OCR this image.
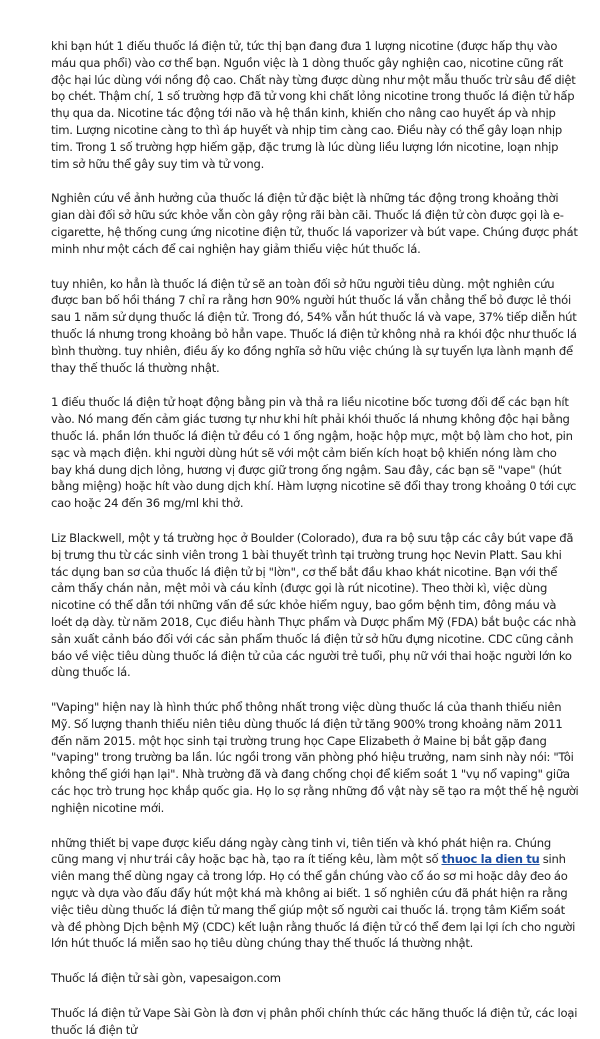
khi bạn hút 1 điếu thuốc lá điện tử, tức thị bạn đang đưa 1 lượng nicotine (được hấp thụ vào máu qua phổi) vào cơ thể bạn. Nguồn việc là 1 dòng thuốc gây nghiện cao, nicotine cũng rất độc hại lúc dùng với nồng độ cao. Chất này từng được dùng như một mẫu thuốc trừ sâu để diệt bọ chét. Thậm chí, 1 số trường hợp đã tử vong khi chất lỏng nicotine trong thuốc lá điện tử hấp thụ qua da. Nicotine tác động tới não và hệ thần kinh, khiến cho nâng cao huyết áp và nhịp tim. Lượng nicotine càng to thì áp huyết và nhịp tim càng cao. Điều này có thể gây loạn nhịp tim. Trong 1 số trường hợp hiếm gặp, đặc trưng là lúc dùng liều lượng lớn nicotine, loạn nhịp tim sở hữu thể gây suy tim và tử vong.

Nghiên cứu về ảnh hưởng của thuốc lá điện tử đặc biệt là những tác động trong khoảng thời gian dài đối sở hữu sức khỏe vẫn còn gây rộng rãi bàn cãi. Thuốc lá điện tử còn được gọi là e-cigarette, hệ thống cung ứng nicotine điện tử, thuốc lá vaporizer và bút vape. Chúng được phát minh như một cách để cai nghiện hay giảm thiểu việc hút thuốc lá.

tuy nhiên, ko hẳn là thuốc lá điện tử sẽ an toàn đối sở hữu người tiêu dùng. một nghiên cứu được ban bố hồi tháng 7 chỉ ra rằng hơn 90% người hút thuốc lá vẫn chẳng thể bỏ được lẻ thói sau 1 năm sử dụng thuốc lá điện tử. Trong đó, 54% vẫn hút thuốc lá và vape, 37% tiếp diễn hút thuốc lá nhưng trong khoảng bỏ hẳn vape. Thuốc lá điện tử không nhả ra khói độc như thuốc lá bình thường. tuy nhiên, điều ấy ko đồng nghĩa sở hữu việc chúng là sự tuyển lựa lành mạnh để thay thế thuốc lá thường nhật.

1 điếu thuốc lá điện tử hoạt động bằng pin và thả ra liều nicotine bốc tương đối để các bạn hít vào. Nó mang đến cảm giác tương tự như khi hít phải khói thuốc lá nhưng không độc hại bằng thuốc lá. phần lớn thuốc lá điện tử đều có 1 ống ngậm, hoặc hộp mực, một bộ làm cho hot, pin sạc và mạch điện. khi người dùng hút sẽ với một cảm biến kích hoạt bộ khiến nóng làm cho bay khá dung dịch lỏng, hương vị được giữ trong ống ngậm. Sau đây, các bạn sẽ "vape" (hút bằng miệng) hoặc hít vào dung dịch khí. Hàm lượng nicotine sẽ đổi thay trong khoảng 0 tới cực cao hoặc 24 đến 36 mg/ml khi thở.

Liz Blackwell, một y tá trường học ở Boulder (Colorado), đưa ra bộ sưu tập các cây bút vape đã bị trưng thu từ các sinh viên trong 1 bài thuyết trình tại trường trung học Nevin Platt. Sau khi tác dụng ban sơ của thuốc lá điện tử bị "lờn", cơ thể bắt đầu khao khát nicotine. Bạn với thể cảm thấy chán nản, mệt mỏi và cáu kỉnh (được gọi là rút nicotine). Theo thời kì, việc dùng nicotine có thể dẫn tới những vấn đề sức khỏe hiểm nguy, bao gồm bệnh tim, đông máu và loét dạ dày. từ năm 2018, Cục điều hành Thực phẩm và Dược phẩm Mỹ (FDA) bắt buộc các nhà sản xuất cảnh báo đối với các sản phẩm thuốc lá điện tử sở hữu đựng nicotine. CDC cũng cảnh báo về việc tiêu dùng thuốc lá điện tử của các người trẻ tuổi, phụ nữ với thai hoặc người lớn ko dùng thuốc lá.

"Vaping" hiện nay là hình thức phổ thông nhất trong việc dùng thuốc lá của thanh thiếu niên Mỹ. Số lượng thanh thiếu niên tiêu dùng thuốc lá điện tử tăng 900% trong khoảng năm 2011 đến năm 2015. một học sinh tại trường trung học Cape Elizabeth ở Maine bị bắt gặp đang "vaping" trong trường ba lần. lúc ngồi trong văn phòng phó hiệu trưởng, nam sinh này nói: "Tôi không thể giới hạn lại". Nhà trường đã và đang chống chọi để kiểm soát 1 "vụ nổ vaping" giữa các học trò trung học khắp quốc gia. Họ lo sợ rằng những đồ vật này sẽ tạo ra một thế hệ người nghiện nicotine mới.

những thiết bị vape được kiểu dáng ngày càng tinh vi, tiên tiến và khó phát hiện ra. Chúng cũng mang vị như trái cây hoặc bạc hà, tạo ra ít tiếng kêu, làm một số thuoc la dien tu sinh viên mang thể dùng ngay cả trong lớp. Họ có thể gắn chúng vào cổ áo sơ mi hoặc dây đeo áo ngực và dựa vào đấu đẩy hút một khá mà không ai biết. 1 số nghiên cứu đã phát hiện ra rằng việc tiêu dùng thuốc lá điện tử mang thể giúp một số người cai thuốc lá. trọng tâm Kiểm soát và đề phòng Dịch bệnh Mỹ (CDC) kết luận rằng thuốc lá điện tử có thể đem lại lợi ích cho người lớn hút thuốc lá miễn sao họ tiêu dùng chúng thay thế thuốc lá thường nhật.

Thuốc lá điện tử sài gòn, vapesaigon.com

Thuốc lá điện tử Vape Sài Gòn là đơn vị phân phối chính thức các hãng thuốc lá điện tử, các loại thuốc lá điện tử
